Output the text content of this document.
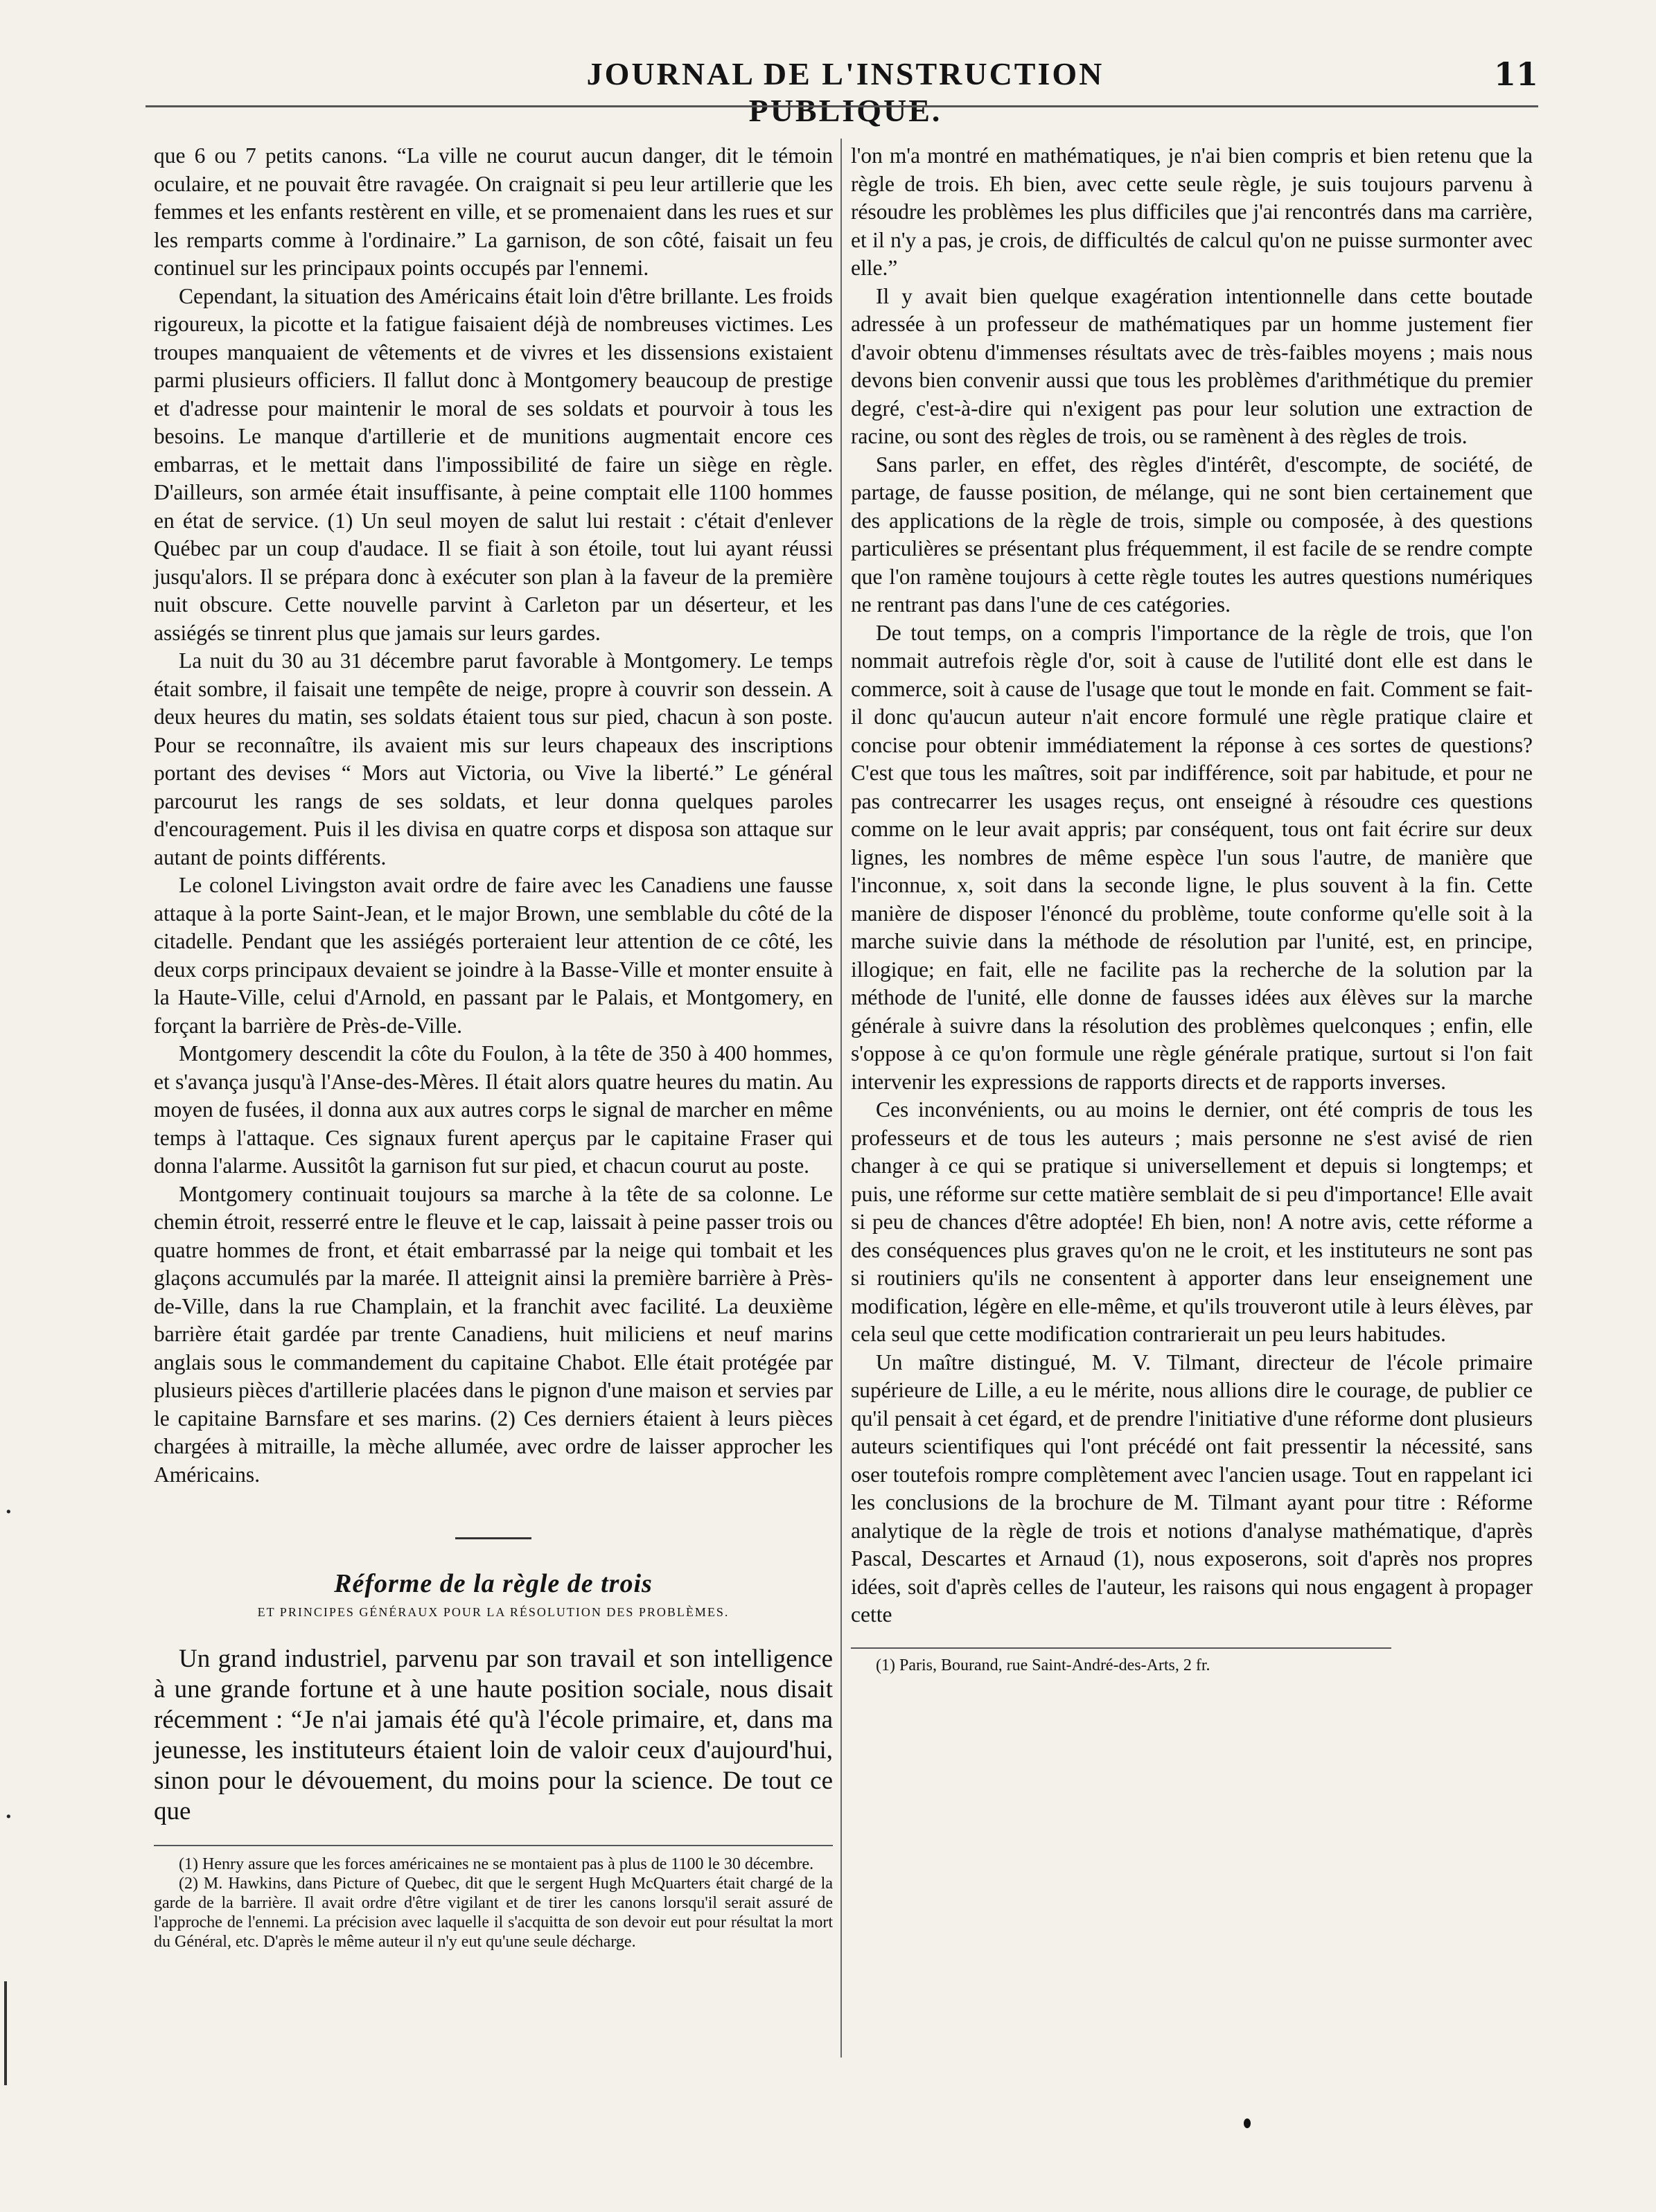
JOURNAL DE L'INSTRUCTION PUBLIQUE.
11

que 6 ou 7 petits canons. “La ville ne courut aucun danger, dit le témoin oculaire, et ne pouvait être ravagée. On craignait si peu leur artillerie que les femmes et les enfants restèrent en ville, et se promenaient dans les rues et sur les remparts comme à l'ordinaire.” La garnison, de son côté, faisait un feu continuel sur les principaux points occupés par l'ennemi.

Cependant, la situation des Américains était loin d'être brillante. Les froids rigoureux, la picotte et la fatigue faisaient déjà de nombreuses victimes. Les troupes manquaient de vêtements et de vivres et les dissensions existaient parmi plusieurs officiers. Il fallut donc à Montgomery beaucoup de prestige et d'adresse pour maintenir le moral de ses soldats et pourvoir à tous les besoins. Le manque d'artillerie et de munitions augmentait encore ces embarras, et le mettait dans l'impossibilité de faire un siège en règle. D'ailleurs, son armée était insuffisante, à peine comptait elle 1100 hommes en état de service. (1) Un seul moyen de salut lui restait : c'était d'enlever Québec par un coup d'audace. Il se fiait à son étoile, tout lui ayant réussi jusqu'alors. Il se prépara donc à exécuter son plan à la faveur de la première nuit obscure. Cette nouvelle parvint à Carleton par un déserteur, et les assiégés se tinrent plus que jamais sur leurs gardes.

La nuit du 30 au 31 décembre parut favorable à Montgomery. Le temps était sombre, il faisait une tempête de neige, propre à couvrir son dessein. A deux heures du matin, ses soldats étaient tous sur pied, chacun à son poste. Pour se reconnaître, ils avaient mis sur leurs chapeaux des inscriptions portant des devises “ Mors aut Victoria, ou Vive la liberté.” Le général parcourut les rangs de ses soldats, et leur donna quelques paroles d'encouragement. Puis il les divisa en quatre corps et disposa son attaque sur autant de points différents.

Le colonel Livingston avait ordre de faire avec les Canadiens une fausse attaque à la porte Saint-Jean, et le major Brown, une semblable du côté de la citadelle. Pendant que les assiégés porteraient leur attention de ce côté, les deux corps principaux devaient se joindre à la Basse-Ville et monter ensuite à la Haute-Ville, celui d'Arnold, en passant par le Palais, et Montgomery, en forçant la barrière de Près-de-Ville.

Montgomery descendit la côte du Foulon, à la tête de 350 à 400 hommes, et s'avança jusqu'à l'Anse-des-Mères. Il était alors quatre heures du matin. Au moyen de fusées, il donna aux aux autres corps le signal de marcher en même temps à l'attaque. Ces signaux furent aperçus par le capitaine Fraser qui donna l'alarme. Aussitôt la garnison fut sur pied, et chacun courut au poste.

Montgomery continuait toujours sa marche à la tête de sa colonne. Le chemin étroit, resserré entre le fleuve et le cap, laissait à peine passer trois ou quatre hommes de front, et était embarrassé par la neige qui tombait et les glaçons accumulés par la marée. Il atteignit ainsi la première barrière à Près-de-Ville, dans la rue Champlain, et la franchit avec facilité. La deuxième barrière était gardée par trente Canadiens, huit miliciens et neuf marins anglais sous le commandement du capitaine Chabot. Elle était protégée par plusieurs pièces d'artillerie placées dans le pignon d'une maison et servies par le capitaine Barnsfare et ses marins. (2) Ces derniers étaient à leurs pièces chargées à mitraille, la mèche allumée, avec ordre de laisser approcher les Américains.

Réforme de la règle de trois

ET PRINCIPES GÉNÉRAUX POUR LA RÉSOLUTION DES PROBLÈMES.

Un grand industriel, parvenu par son travail et son intelligence à une grande fortune et à une haute position sociale, nous disait récemment : “Je n'ai jamais été qu'à l'école primaire, et, dans ma jeunesse, les instituteurs étaient loin de valoir ceux d'aujourd'hui, sinon pour le dévouement, du moins pour la science. De tout ce que

(1) Henry assure que les forces américaines ne se montaient pas à plus de 1100 le 30 décembre.

(2) M. Hawkins, dans Picture of Quebec, dit que le sergent Hugh McQuarters était chargé de la garde de la barrière. Il avait ordre d'être vigilant et de tirer les canons lorsqu'il serait assuré de l'approche de l'ennemi. La précision avec laquelle il s'acquitta de son devoir eut pour résultat la mort du Général, etc. D'après le même auteur il n'y eut qu'une seule décharge.

l'on m'a montré en mathématiques, je n'ai bien compris et bien retenu que la règle de trois. Eh bien, avec cette seule règle, je suis toujours parvenu à résoudre les problèmes les plus difficiles que j'ai rencontrés dans ma carrière, et il n'y a pas, je crois, de difficultés de calcul qu'on ne puisse surmonter avec elle.”

Il y avait bien quelque exagération intentionnelle dans cette boutade adressée à un professeur de mathématiques par un homme justement fier d'avoir obtenu d'immenses résultats avec de très-faibles moyens ; mais nous devons bien convenir aussi que tous les problèmes d'arithmétique du premier degré, c'est-à-dire qui n'exigent pas pour leur solution une extraction de racine, ou sont des règles de trois, ou se ramènent à des règles de trois.

Sans parler, en effet, des règles d'intérêt, d'escompte, de société, de partage, de fausse position, de mélange, qui ne sont bien certainement que des applications de la règle de trois, simple ou composée, à des questions particulières se présentant plus fréquemment, il est facile de se rendre compte que l'on ramène toujours à cette règle toutes les autres questions numériques ne rentrant pas dans l'une de ces catégories.

De tout temps, on a compris l'importance de la règle de trois, que l'on nommait autrefois règle d'or, soit à cause de l'utilité dont elle est dans le commerce, soit à cause de l'usage que tout le monde en fait. Comment se fait-il donc qu'aucun auteur n'ait encore formulé une règle pratique claire et concise pour obtenir immédiatement la réponse à ces sortes de questions? C'est que tous les maîtres, soit par indifférence, soit par habitude, et pour ne pas contrecarrer les usages reçus, ont enseigné à résoudre ces questions comme on le leur avait appris; par conséquent, tous ont fait écrire sur deux lignes, les nombres de même espèce l'un sous l'autre, de manière que l'inconnue, x, soit dans la seconde ligne, le plus souvent à la fin. Cette manière de disposer l'énoncé du problème, toute conforme qu'elle soit à la marche suivie dans la méthode de résolution par l'unité, est, en principe, illogique; en fait, elle ne facilite pas la recherche de la solution par la méthode de l'unité, elle donne de fausses idées aux élèves sur la marche générale à suivre dans la résolution des problèmes quelconques ; enfin, elle s'oppose à ce qu'on formule une règle générale pratique, surtout si l'on fait intervenir les expressions de rapports directs et de rapports inverses.

Ces inconvénients, ou au moins le dernier, ont été compris de tous les professeurs et de tous les auteurs ; mais personne ne s'est avisé de rien changer à ce qui se pratique si universellement et depuis si longtemps; et puis, une réforme sur cette matière semblait de si peu d'importance! Elle avait si peu de chances d'être adoptée! Eh bien, non! A notre avis, cette réforme a des conséquences plus graves qu'on ne le croit, et les instituteurs ne sont pas si routiniers qu'ils ne consentent à apporter dans leur enseignement une modification, légère en elle-même, et qu'ils trouveront utile à leurs élèves, par cela seul que cette modification contrarierait un peu leurs habitudes.

Un maître distingué, M. V. Tilmant, directeur de l'école primaire supérieure de Lille, a eu le mérite, nous allions dire le courage, de publier ce qu'il pensait à cet égard, et de prendre l'initiative d'une réforme dont plusieurs auteurs scientifiques qui l'ont précédé ont fait pressentir la nécessité, sans oser toutefois rompre complètement avec l'ancien usage. Tout en rappelant ici les conclusions de la brochure de M. Tilmant ayant pour titre : Réforme analytique de la règle de trois et notions d'analyse mathématique, d'après Pascal, Descartes et Arnaud (1), nous exposerons, soit d'après nos propres idées, soit d'après celles de l'auteur, les raisons qui nous engagent à propager cette

(1) Paris, Bourand, rue Saint-André-des-Arts, 2 fr.

·
·
